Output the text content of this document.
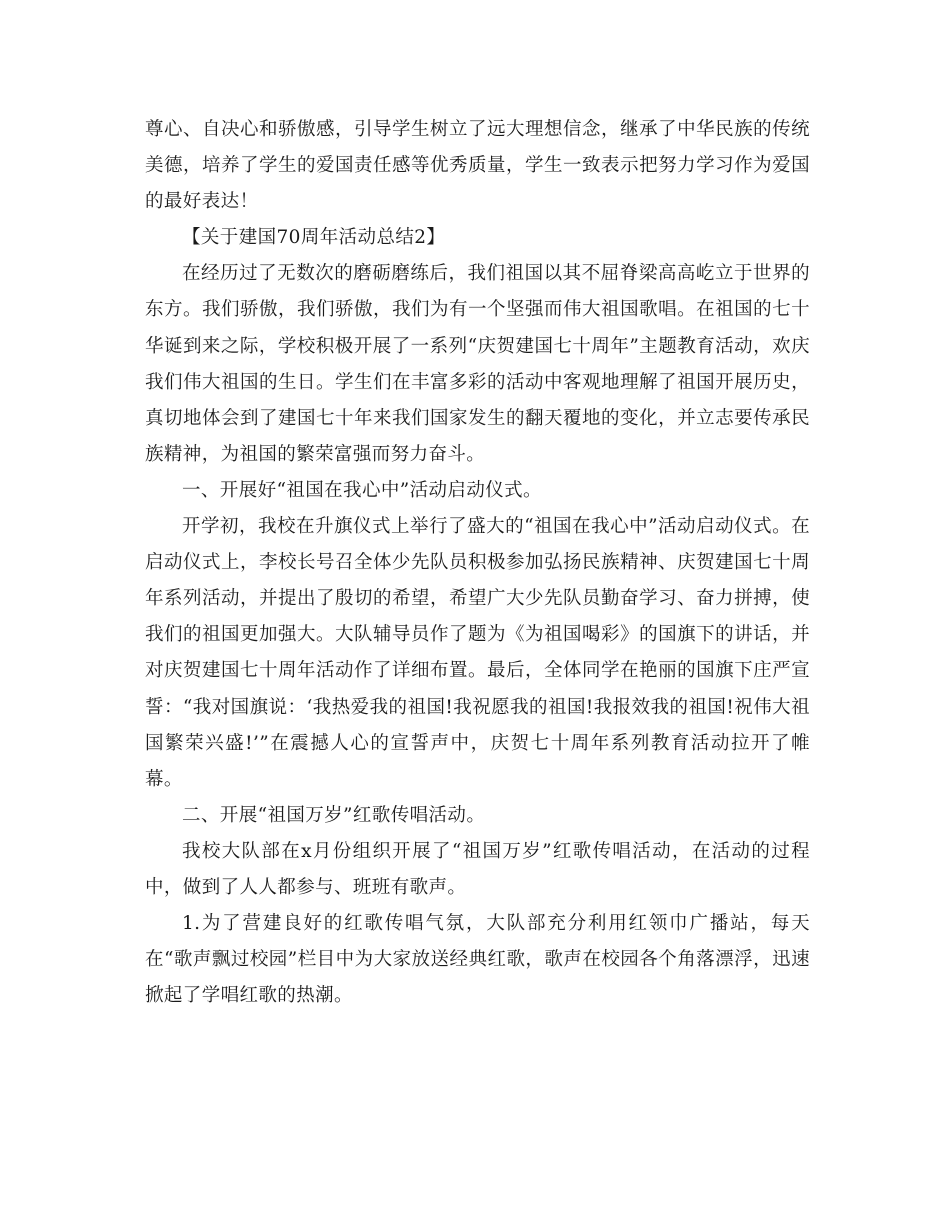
尊心、自决心和骄傲感，引导学生树立了远大理想信念，继承了中华民族的传统美德，培养了学生的爱国责任感等优秀质量，学生一致表示把努力学习作为爱国的最好表达！

【关于建国70周年活动总结2】

在经历过了无数次的磨砺磨练后，我们祖国以其不屈脊梁高高屹立于世界的东方。我们骄傲，我们骄傲，我们为有一个坚强而伟大祖国歌唱。在祖国的七十华诞到来之际，学校积极开展了一系列“庆贺建国七十周年”主题教育活动，欢庆我们伟大祖国的生日。学生们在丰富多彩的活动中客观地理解了祖国开展历史，真切地体会到了建国七十年来我们国家发生的翻天覆地的变化，并立志要传承民族精神，为祖国的繁荣富强而努力奋斗。

一、开展好“祖国在我心中”活动启动仪式。

开学初，我校在升旗仪式上举行了盛大的“祖国在我心中”活动启动仪式。在启动仪式上，李校长号召全体少先队员积极参加弘扬民族精神、庆贺建国七十周年系列活动，并提出了殷切的希望，希望广大少先队员勤奋学习、奋力拼搏，使我们的祖国更加强大。大队辅导员作了题为《为祖国喝彩》的国旗下的讲话，并对庆贺建国七十周年活动作了详细布置。最后，全体同学在艳丽的国旗下庄严宣誓：“我对国旗说：‘我热爱我的祖国!我祝愿我的祖国!我报效我的祖国!祝伟大祖国繁荣兴盛!’”在震撼人心的宣誓声中，庆贺七十周年系列教育活动拉开了帷幕。

二、开展“祖国万岁”红歌传唱活动。

我校大队部在x月份组织开展了“祖国万岁”红歌传唱活动，在活动的过程中，做到了人人都参与、班班有歌声。

1.为了营建良好的红歌传唱气氛，大队部充分利用红领巾广播站，每天在“歌声飘过校园”栏目中为大家放送经典红歌，歌声在校园各个角落漂浮，迅速掀起了学唱红歌的热潮。
